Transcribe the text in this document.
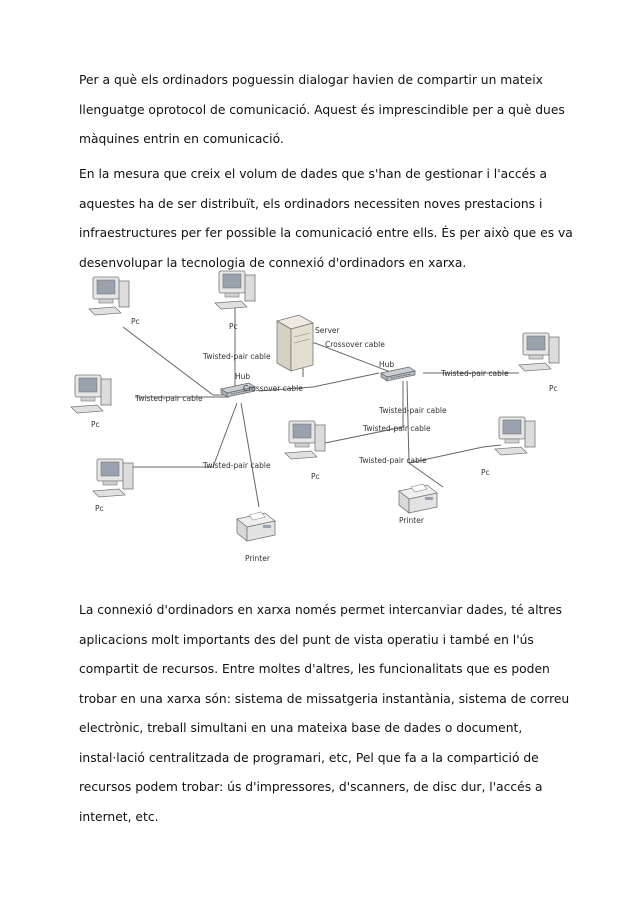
Per a què els ordinadors poguessin dialogar havien de compartir un mateix
llenguatge oprotocol de comunicació. Aquest és imprescindible per a què dues
màquines entrin en comunicació.
En la mesura que creix el volum de dades que s'han de gestionar i l'accés a
aquestes ha de ser distribuït, els ordinadors necessiten noves prestacions i
infraestructures per fer possible la comunicació entre ells. És per això que es va
desenvolupar la tecnologia de connexió d'ordinadors en xarxa.
Pc
Pc
Pc
Pc
Pc
Pc	Pc
Server
Crossover cable
Crossover cable
Hub
Hub
Twisted-pair cable
Twisted-pair cable
Twisted-pair cable
Twisted-pair cable
Twisted-pair cable
Twisted-pair cable
Twisted-pair cable
Printer
Printer
La connexió d'ordinadors en xarxa només permet intercanviar dades, té altres
aplicacions molt importants des del punt de vista operatiu i també en l'ús
compartit de recursos. Entre moltes d'altres, les funcionalitats que es poden
trobar en una xarxa són: sistema de missatgeria instantània, sistema de correu
electrònic, treball simultani en una mateixa base de dades o document,
instal·lació centralitzada de programari, etc, Pel que fa a la compartició de
recursos podem trobar: ús d'impressores, d'scanners, de disc dur, l'accés a
internet, etc.
